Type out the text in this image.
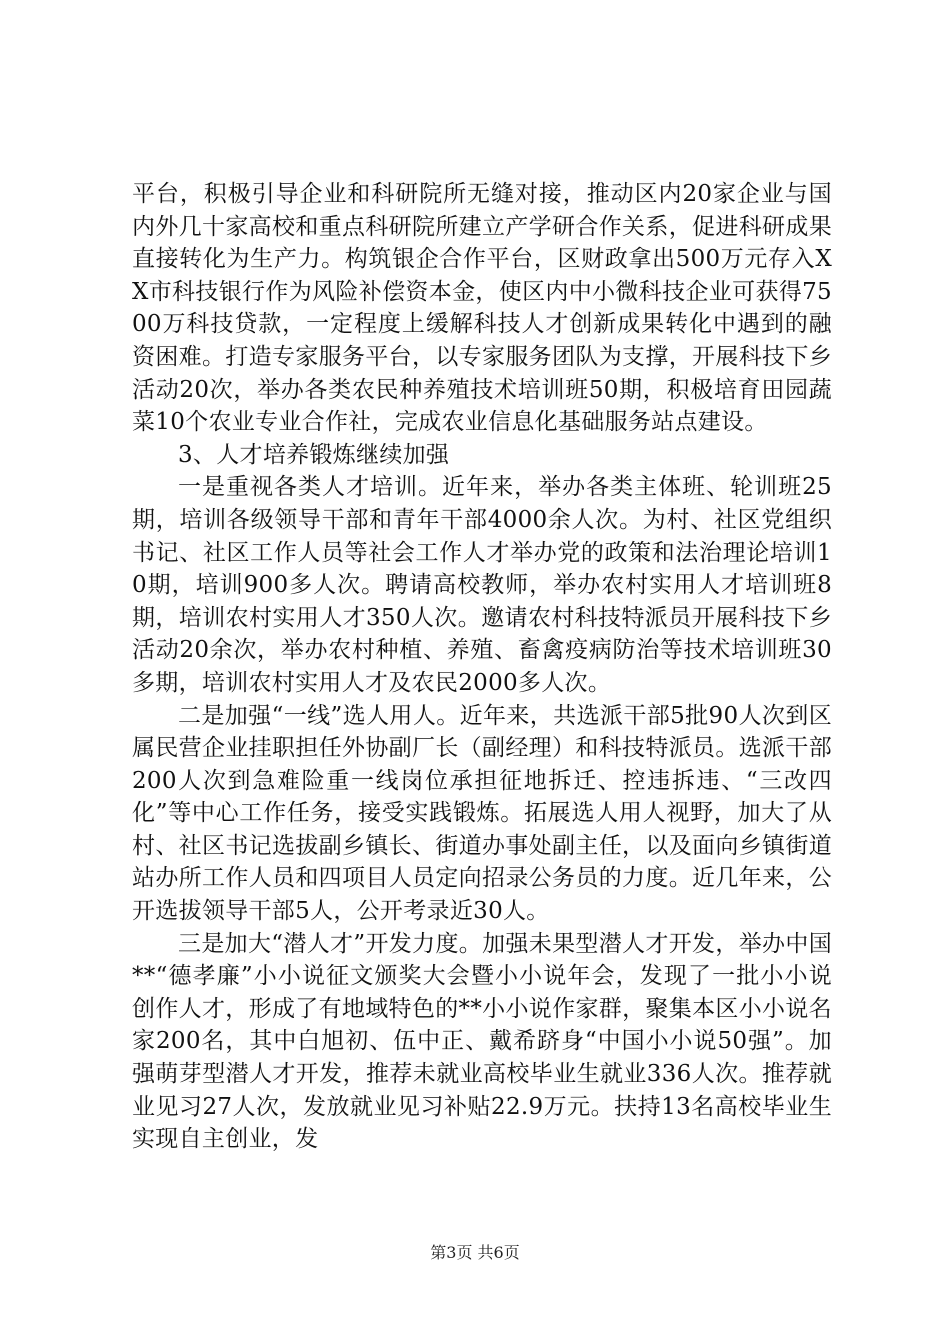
平台，积极引导企业和科研院所无缝对接，推动区内20家企业与国内外几十家高校和重点科研院所建立产学研合作关系，促进科研成果直接转化为生产力。构筑银企合作平台，区财政拿出500万元存入XX市科技银行作为风险补偿资本金，使区内中小微科技企业可获得7500万科技贷款，一定程度上缓解科技人才创新成果转化中遇到的融资困难。打造专家服务平台，以专家服务团队为支撑，开展科技下乡活动20次，举办各类农民种养殖技术培训班50期，积极培育田园蔬菜10个农业专业合作社，完成农业信息化基础服务站点建设。

3、人才培养锻炼继续加强

一是重视各类人才培训。近年来，举办各类主体班、轮训班25期，培训各级领导干部和青年干部4000余人次。为村、社区党组织书记、社区工作人员等社会工作人才举办党的政策和法治理论培训10期，培训900多人次。聘请高校教师，举办农村实用人才培训班8期，培训农村实用人才350人次。邀请农村科技特派员开展科技下乡活动20余次，举办农村种植、养殖、畜禽疫病防治等技术培训班30多期，培训农村实用人才及农民2000多人次。

二是加强“一线”选人用人。近年来，共选派干部5批90人次到区属民营企业挂职担任外协副厂长（副经理）和科技特派员。选派干部200人次到急难险重一线岗位承担征地拆迁、控违拆违、“三改四化”等中心工作任务，接受实践锻炼。拓展选人用人视野，加大了从村、社区书记选拔副乡镇长、街道办事处副主任，以及面向乡镇街道站办所工作人员和四项目人员定向招录公务员的力度。近几年来，公开选拔领导干部5人，公开考录近30人。

三是加大“潜人才”开发力度。加强未果型潜人才开发，举办中国**“德孝廉”小小说征文颁奖大会暨小小说年会，发现了一批小小说创作人才，形成了有地域特色的**小小说作家群，聚集本区小小说名家200名，其中白旭初、伍中正、戴希跻身“中国小小说50强”。加强萌芽型潜人才开发，推荐未就业高校毕业生就业336人次。推荐就业见习27人次，发放就业见习补贴22.9万元。扶持13名高校毕业生实现自主创业，发

第3页 共6页
